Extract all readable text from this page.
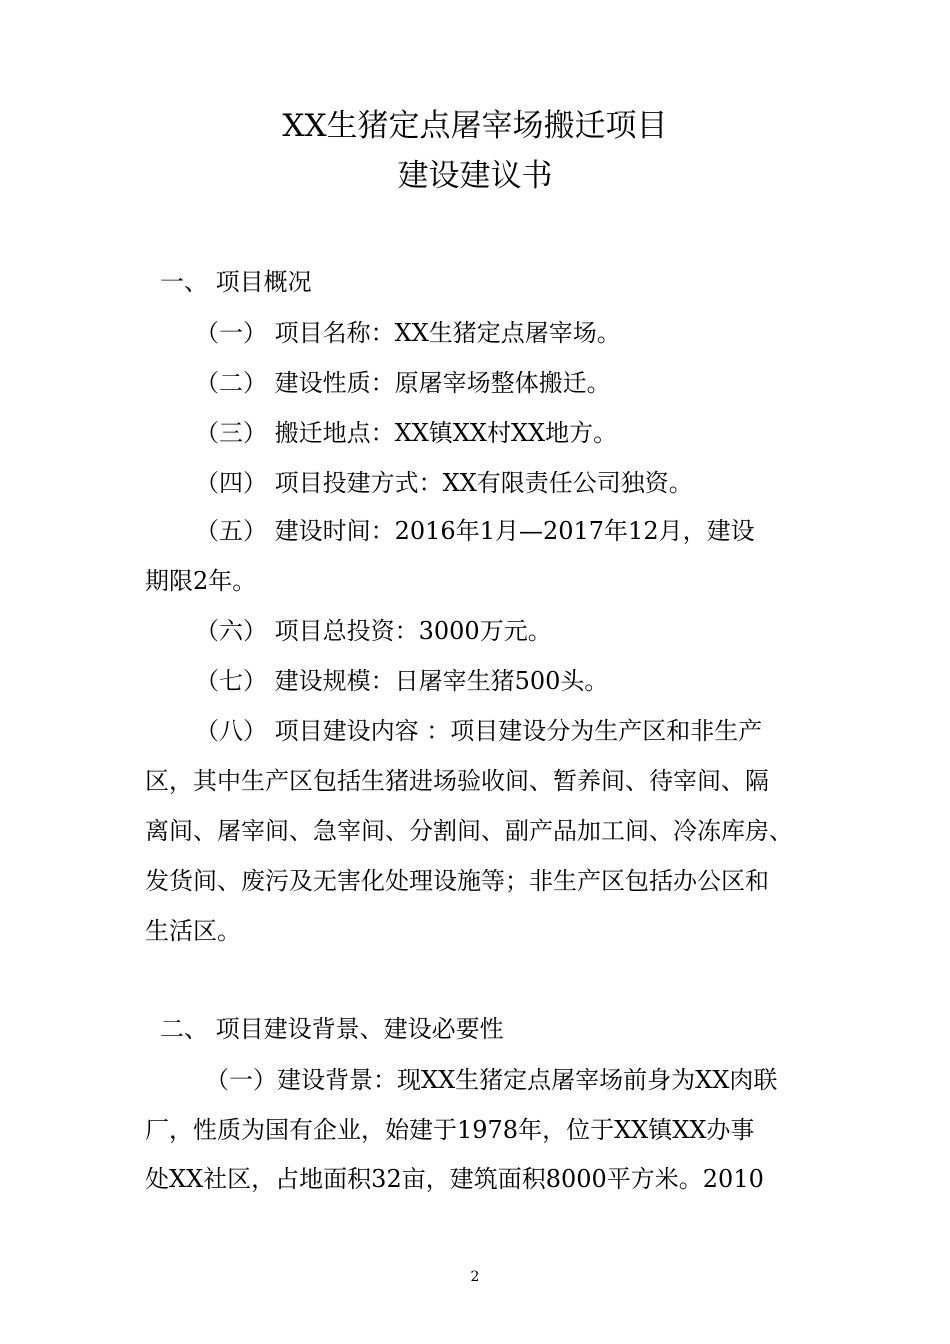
XX生猪定点屠宰场搬迁项目
建设建议书
一、 项目概况
（一） 项目名称：XX生猪定点屠宰场。
（二） 建设性质：原屠宰场整体搬迁。
（三） 搬迁地点：XX镇XX村XX地方。
（四） 项目投建方式：XX有限责任公司独资。
（五） 建设时间：2016年1月—2017年12月，建设
期限2年。
（六） 项目总投资：3000万元。
（七） 建设规模：日屠宰生猪500头。
（八） 项目建设内容 ：项目建设分为生产区和非生产
区，其中生产区包括生猪进场验收间、暂养间、待宰间、隔
离间、屠宰间、急宰间、分割间、副产品加工间、冷冻库房、
发货间、废污及无害化处理设施等；非生产区包括办公区和
生活区。
二、 项目建设背景、建设必要性
（一）建设背景：现XX生猪定点屠宰场前身为XX肉联
厂，性质为国有企业，始建于1978年，位于XX镇XX办事
处XX社区，占地面积32亩，建筑面积8000平方米。2010
2
